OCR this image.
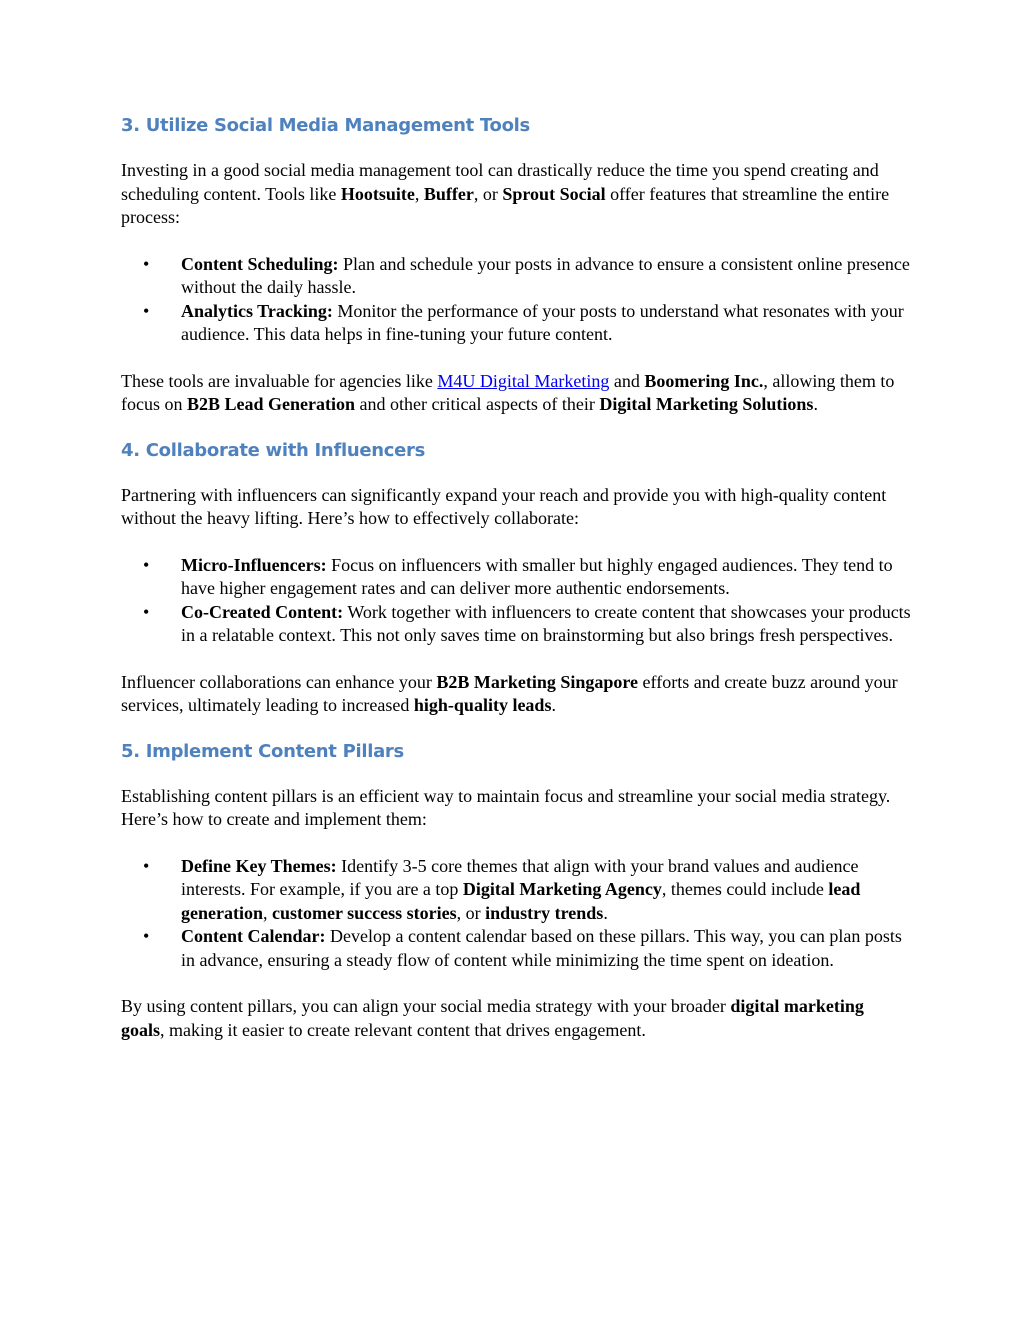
3. Utilize Social Media Management Tools

Investing in a good social media management tool can drastically reduce the time you spend creating and scheduling content. Tools like Hootsuite, Buffer, or Sprout Social offer features that streamline the entire process:

• Content Scheduling: Plan and schedule your posts in advance to ensure a consistent online presence without the daily hassle.
• Analytics Tracking: Monitor the performance of your posts to understand what resonates with your audience. This data helps in fine-tuning your future content.

These tools are invaluable for agencies like M4U Digital Marketing and Boomering Inc., allowing them to focus on B2B Lead Generation and other critical aspects of their Digital Marketing Solutions.

4. Collaborate with Influencers

Partnering with influencers can significantly expand your reach and provide you with high-quality content without the heavy lifting. Here’s how to effectively collaborate:

• Micro-Influencers: Focus on influencers with smaller but highly engaged audiences. They tend to have higher engagement rates and can deliver more authentic endorsements.
• Co-Created Content: Work together with influencers to create content that showcases your products in a relatable context. This not only saves time on brainstorming but also brings fresh perspectives.

Influencer collaborations can enhance your B2B Marketing Singapore efforts and create buzz around your services, ultimately leading to increased high-quality leads.

5. Implement Content Pillars

Establishing content pillars is an efficient way to maintain focus and streamline your social media strategy. Here’s how to create and implement them:

• Define Key Themes: Identify 3-5 core themes that align with your brand values and audience interests. For example, if you are a top Digital Marketing Agency, themes could include lead generation, customer success stories, or industry trends.
• Content Calendar: Develop a content calendar based on these pillars. This way, you can plan posts in advance, ensuring a steady flow of content while minimizing the time spent on ideation.

By using content pillars, you can align your social media strategy with your broader digital marketing goals, making it easier to create relevant content that drives engagement.
